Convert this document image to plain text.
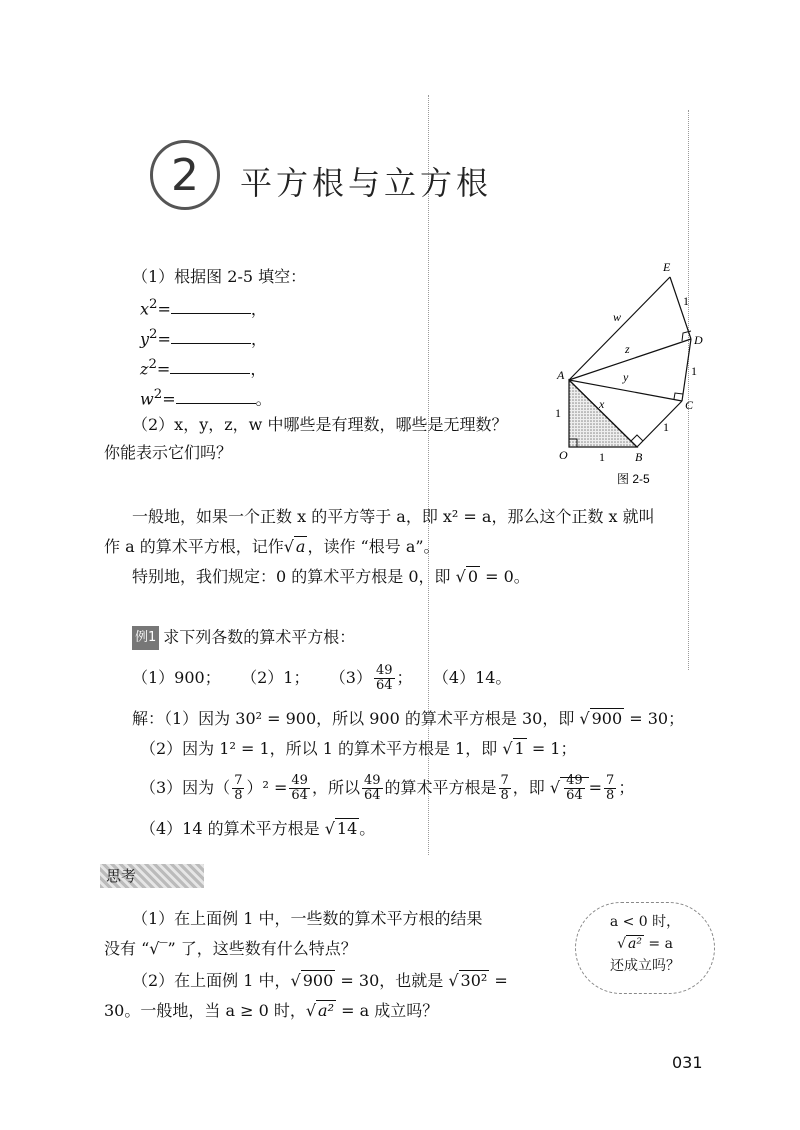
2 平方根与立方根
（1）根据图 2-5 填空：
$x^2=$	，
$y^2=$	，
$z^2=$	，
$w^2=$	。
（2）x，y，z，w 中哪些是有理数，哪些是无理数？
你能表示它们吗？
E
D
A
C
O	B
w
z
y
x
1
1
1
1
1
图 2-5
一般地，如果一个正数 x 的平方等于 a，即 x² = a，那么这个正数 x 就叫
作 a 的算术平方根，记作√ a ，读作 “根号 a”。
特别地，我们规定：0 的算术平方根是 0，即 √ 0 = 0。
例1 求下列各数的算术平方根：
（1）900； （2）1； $(3) \frac{49}{64}$ ； （4）14。
解：（1）因为 30² = 900，所以 900 的算术平方根是 30，即 √ 900 = 30；
（2）因为 1² = 1，所以 1 的算术平方根是 1，即 √ 1 = 1；
（3）因为（ $\frac{7}{8} )^2 = \frac{49}{64}$ ，所以 $\frac{49}{64}$ 的算术平方根是 $\frac{7}{8}$ ，即 √ $\frac{49}{64} = \frac{7}{8}$ ；
（4）14 的算术平方根是 √ 14 。
思考
（1）在上面例 1 中，一些数的算术平方根的结果
没有 “√‾” 了，这些数有什么特点？
（2）在上面例 1 中，√ 900 = 30，也就是 √ 30² =
30。一般地，当 a ≥ 0 时，√ a² = a 成立吗？
a < 0 时，
√ a² = a
还成立吗？
031
